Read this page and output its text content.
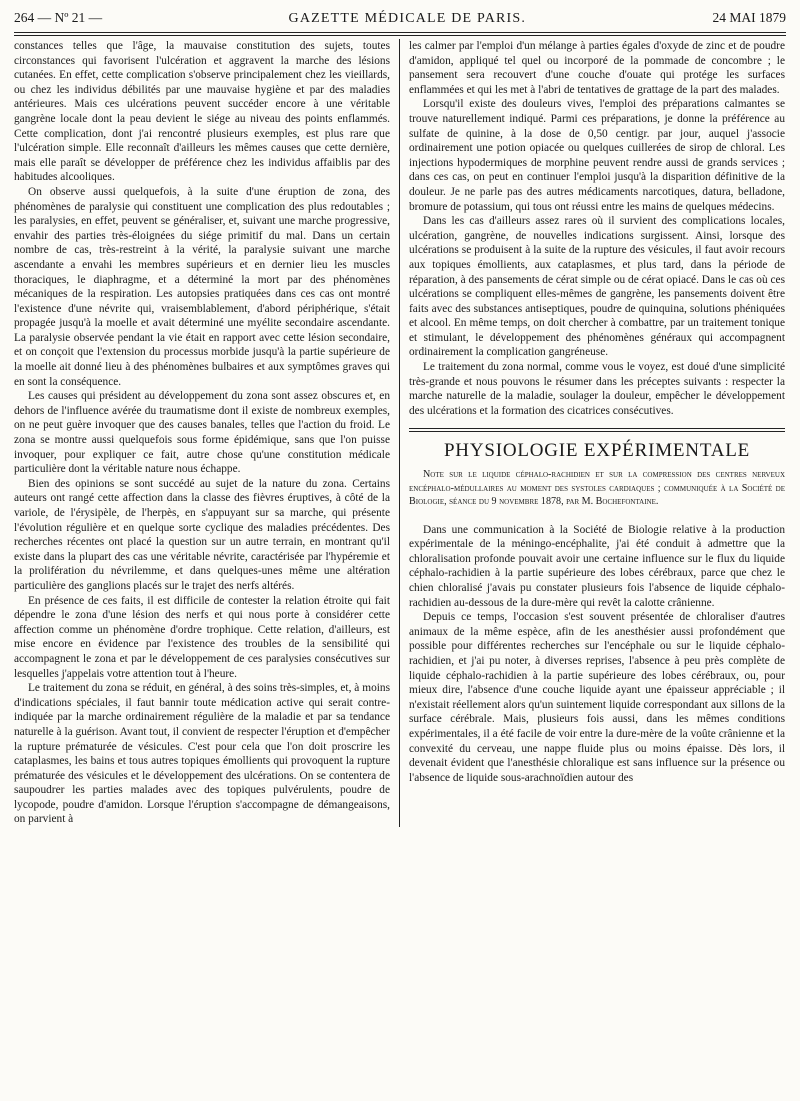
264 — Nº 21 —	GAZETTE MÉDICALE DE PARIS.	24 MAI 1879

constances telles que l'âge, la mauvaise constitution des sujets, toutes circonstances qui favorisent l'ulcération et aggravent la marche des lésions cutanées. En effet, cette complication s'observe principalement chez les vieillards, ou chez les individus débilités par une mauvaise hygiène et par des maladies antérieures. Mais ces ulcérations peuvent succéder encore à une véritable gangrène locale dont la peau devient le siége au niveau des points enflammés. Cette complication, dont j'ai rencontré plusieurs exemples, est plus rare que l'ulcération simple. Elle reconnaît d'ailleurs les mêmes causes que cette dernière, mais elle paraît se développer de préférence chez les individus affaiblis par des habitudes alcooliques.

On observe aussi quelquefois, à la suite d'une éruption de zona, des phénomènes de paralysie qui constituent une complication des plus redoutables ; les paralysies, en effet, peuvent se généraliser, et, suivant une marche progressive, envahir des parties très-éloignées du siége primitif du mal. Dans un certain nombre de cas, très-restreint à la vérité, la paralysie suivant une marche ascendante a envahi les membres supérieurs et en dernier lieu les muscles thoraciques, le diaphragme, et a déterminé la mort par des phénomènes mécaniques de la respiration. Les autopsies pratiquées dans ces cas ont montré l'existence d'une névrite qui, vraisemblablement, d'abord périphérique, s'était propagée jusqu'à la moelle et avait déterminé une myélite secondaire ascendante. La paralysie observée pendant la vie était en rapport avec cette lésion secondaire, et on conçoit que l'extension du processus morbide jusqu'à la partie supérieure de la moelle ait donné lieu à des phénomènes bulbaires et aux symptômes graves qui en sont la conséquence.

Les causes qui président au développement du zona sont assez obscures et, en dehors de l'influence avérée du traumatisme dont il existe de nombreux exemples, on ne peut guère invoquer que des causes banales, telles que l'action du froid. Le zona se montre aussi quelquefois sous forme épidémique, sans que l'on puisse invoquer, pour expliquer ce fait, autre chose qu'une constitution médicale particulière dont la véritable nature nous échappe.

Bien des opinions se sont succédé au sujet de la nature du zona. Certains auteurs ont rangé cette affection dans la classe des fièvres éruptives, à côté de la variole, de l'érysipèle, de l'herpès, en s'appuyant sur sa marche, qui présente l'évolution régulière et en quelque sorte cyclique des maladies précédentes. Des recherches récentes ont placé la question sur un autre terrain, en montrant qu'il existe dans la plupart des cas une véritable névrite, caractérisée par l'hypéremie et la prolifération du névrilemme, et dans quelques-unes même une altération particulière des ganglions placés sur le trajet des nerfs altérés.

En présence de ces faits, il est difficile de contester la relation étroite qui fait dépendre le zona d'une lésion des nerfs et qui nous porte à considérer cette affection comme un phénomène d'ordre trophique. Cette relation, d'ailleurs, est mise encore en évidence par l'existence des troubles de la sensibilité qui accompagnent le zona et par le développement de ces paralysies consécutives sur lesquelles j'appelais votre attention tout à l'heure.

Le traitement du zona se réduit, en général, à des soins très-simples, et, à moins d'indications spéciales, il faut bannir toute médication active qui serait contre-indiquée par la marche ordinairement régulière de la maladie et par sa tendance naturelle à la guérison. Avant tout, il convient de respecter l'éruption et d'empêcher la rupture prématurée de vésicules. C'est pour cela que l'on doit proscrire les cataplasmes, les bains et tous autres topiques émollients qui provoquent la rupture prématurée des vésicules et le développement des ulcérations. On se contentera de saupoudrer les parties malades avec des topiques pulvérulents, poudre de lycopode, poudre d'amidon. Lorsque l'éruption s'accompagne de démangeaisons, on parvient à

les calmer par l'emploi d'un mélange à parties égales d'oxyde de zinc et de poudre d'amidon, appliqué tel quel ou incorporé de la pommade de concombre ; le pansement sera recouvert d'une couche d'ouate qui protége les surfaces enflammées et qui les met à l'abri de tentatives de grattage de la part des malades.

Lorsqu'il existe des douleurs vives, l'emploi des préparations calmantes se trouve naturellement indiqué. Parmi ces préparations, je donne la préférence au sulfate de quinine, à la dose de 0,50 centigr. par jour, auquel j'associe ordinairement une potion opiacée ou quelques cuillerées de sirop de chloral. Les injections hypodermiques de morphine peuvent rendre aussi de grands services ; dans ces cas, on peut en continuer l'emploi jusqu'à la disparition définitive de la douleur. Je ne parle pas des autres médicaments narcotiques, datura, belladone, bromure de potassium, qui tous ont réussi entre les mains de quelques médecins.

Dans les cas d'ailleurs assez rares où il survient des complications locales, ulcération, gangrène, de nouvelles indications surgissent. Ainsi, lorsque des ulcérations se produisent à la suite de la rupture des vésicules, il faut avoir recours aux topiques émollients, aux cataplasmes, et plus tard, dans la période de réparation, à des pansements de cérat simple ou de cérat opiacé. Dans le cas où ces ulcérations se compliquent elles-mêmes de gangrène, les pansements doivent être faits avec des substances antiseptiques, poudre de quinquina, solutions phéniquées et alcool. En même temps, on doit chercher à combattre, par un traitement tonique et stimulant, le développement des phénomènes généraux qui accompagnent ordinairement la complication gangréneuse.

Le traitement du zona normal, comme vous le voyez, est doué d'une simplicité très-grande et nous pouvons le résumer dans les préceptes suivants : respecter la marche naturelle de la maladie, soulager la douleur, empêcher le développement des ulcérations et la formation des cicatrices consécutives.

PHYSIOLOGIE EXPÉRIMENTALE
Note sur le liquide céphalo-rachidien et sur la compression des centres nerveux encéphalo-médullaires au moment des systoles cardiaques ; communiquée à la Société de Biologie, séance du 9 novembre 1878, par M. Bochefontaine.

Dans une communication à la Société de Biologie relative à la production expérimentale de la méningo-encéphalite, j'ai été conduit à admettre que la chloralisation profonde pouvait avoir une certaine influence sur le flux du liquide céphalo-rachidien à la partie supérieure des lobes cérébraux, parce que chez le chien chloralisé j'avais pu constater plusieurs fois l'absence de liquide céphalo-rachidien au-dessous de la dure-mère qui revêt la calotte crânienne.

Depuis ce temps, l'occasion s'est souvent présentée de chloraliser d'autres animaux de la même espèce, afin de les anesthésier aussi profondément que possible pour différentes recherches sur l'encéphale ou sur le liquide céphalo-rachidien, et j'ai pu noter, à diverses reprises, l'absence à peu près complète de liquide céphalo-rachidien à la partie supérieure des lobes cérébraux, ou, pour mieux dire, l'absence d'une couche liquide ayant une épaisseur appréciable ; il n'existait réellement alors qu'un suintement liquide correspondant aux sillons de la surface cérébrale. Mais, plusieurs fois aussi, dans les mêmes conditions expérimentales, il a été facile de voir entre la dure-mère de la voûte crânienne et la convexité du cerveau, une nappe fluide plus ou moins épaisse. Dès lors, il devenait évident que l'anesthésie chloralique est sans influence sur la présence ou l'absence de liquide sous-arachnoïdien autour des
